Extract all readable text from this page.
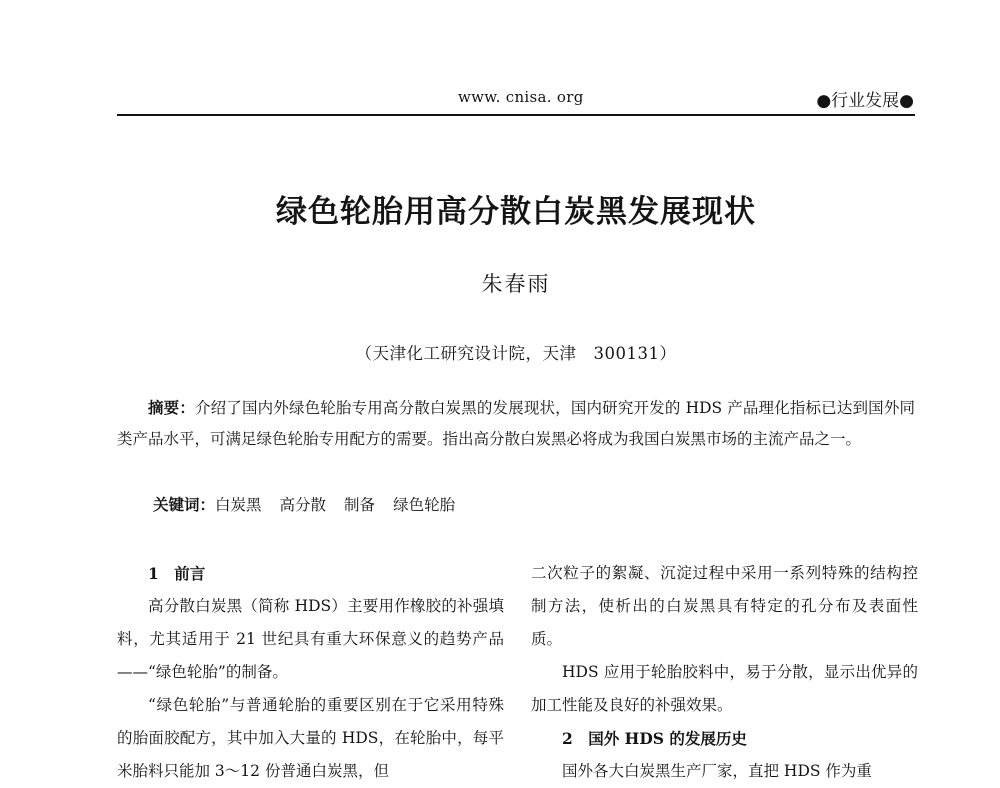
www. cnisa. org	●行业发展●
绿色轮胎用高分散白炭黑发展现状
朱春雨
（天津化工研究设计院，天津　300131）
摘要：介绍了国内外绿色轮胎专用高分散白炭黑的发展现状，国内研究开发的 HDS 产品理化指标已达到国外同类产品水平，可满足绿色轮胎专用配方的需要。指出高分散白炭黑必将成为我国白炭黑市场的主流产品之一。
关键词：白炭黑 高分散 制备 绿色轮胎
1　前言

高分散白炭黑（简称 HDS）主要用作橡胶的补强填料，尤其适用于 21 世纪具有重大环保意义的趋势产品——“绿色轮胎”的制备。

“绿色轮胎”与普通轮胎的重要区别在于它采用特殊的胎面胶配方，其中加入大量的 HDS，在轮胎中，每平米胎料只能加 3～12 份普通白炭黑，但

二次粒子的絮凝、沉淀过程中采用一系列特殊的结构控制方法，使析出的白炭黑具有特定的孔分布及表面性质。

HDS 应用于轮胎胶料中，易于分散，显示出优异的加工性能及良好的补强效果。

2　国外 HDS 的发展历史

国外各大白炭黑生产厂家，直把 HDS 作为重
